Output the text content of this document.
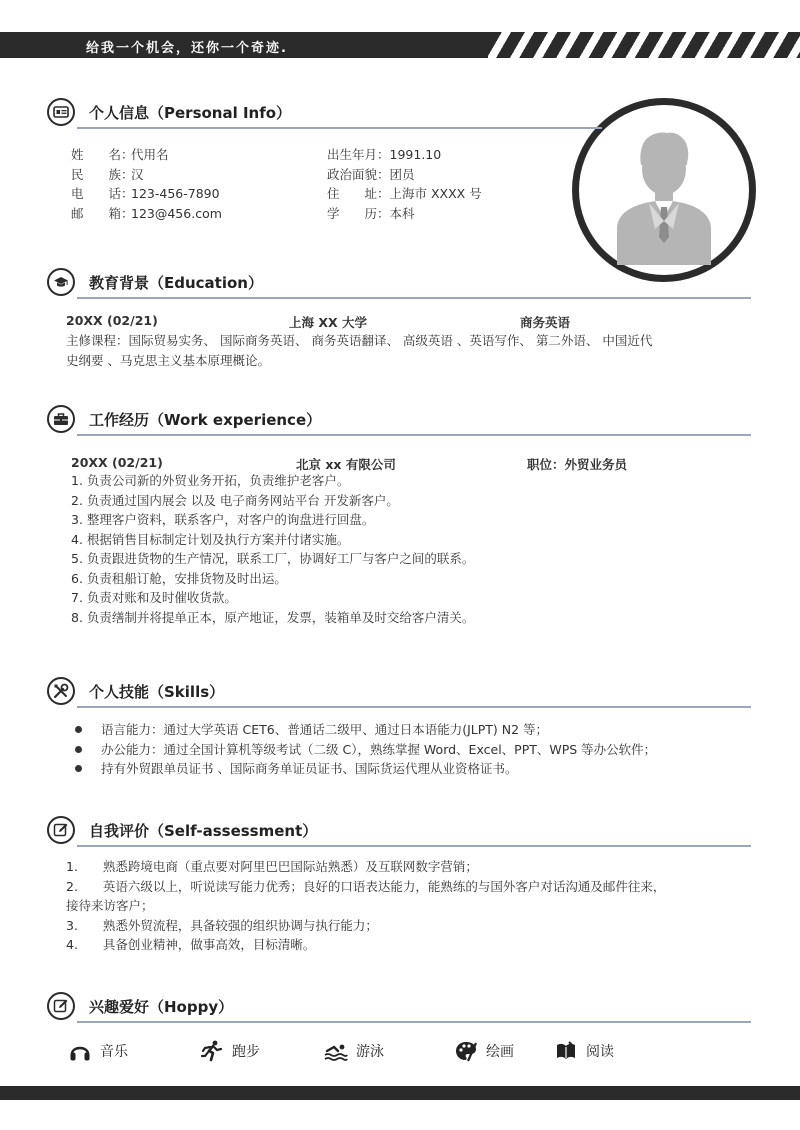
给我一个机会，还你一个奇迹.
个人信息（Personal Info）
姓　　名：代用名	出生年月：1991.10
民　　族：汉	政治面貌：团员
电　　话：123-456-7890	住　　址：上海市 XXXX 号
邮　　箱：123@456.com	学　　历：本科
教育背景（Education）
20XX (02/21)	上海 XX 大学	商务英语
主修课程：国际贸易实务、 国际商务英语、 商务英语翻译、 高级英语 、英语写作、 第二外语、 中国近代
史纲要 、马克思主义基本原理概论。
工作经历（Work experience）
20XX (02/21)	北京 xx 有限公司	职位：外贸业务员
1. 负责公司新的外贸业务开拓，负责维护老客户。
2. 负责通过国内展会 以及 电子商务网站平台 开发新客户。
3. 整理客户资料，联系客户，对客户的询盘进行回盘。
4. 根据销售目标制定计划及执行方案并付诸实施。
5. 负责跟进货物的生产情况，联系工厂，协调好工厂与客户之间的联系。
6. 负责租船订舱，安排货物及时出运。
7. 负责对账和及时催收货款。
8. 负责缮制并将提单正本，原产地证，发票，装箱单及时交给客户清关。
个人技能（Skills）
语言能力：通过大学英语 CET6、普通话二级甲、通过日本语能力(JLPT) N2 等；
办公能力：通过全国计算机等级考试（二级 C），熟练掌握 Word、Excel、PPT、WPS 等办公软件；
持有外贸跟单员证书 、国际商务单证员证书、国际货运代理从业资格证书。
自我评价（Self-assessment）
1.　　熟悉跨境电商（重点要对阿里巴巴国际站熟悉）及互联网数字营销；
2.　　英语六级以上，听说读写能力优秀；良好的口语表达能力，能熟练的与国外客户对话沟通及邮件往来，
接待来访客户；
3.　　熟悉外贸流程，具备较强的组织协调与执行能力；
4.　　具备创业精神，做事高效，目标清晰。
兴趣爱好（Hoppy）
音乐	跑步	游泳	绘画	阅读
